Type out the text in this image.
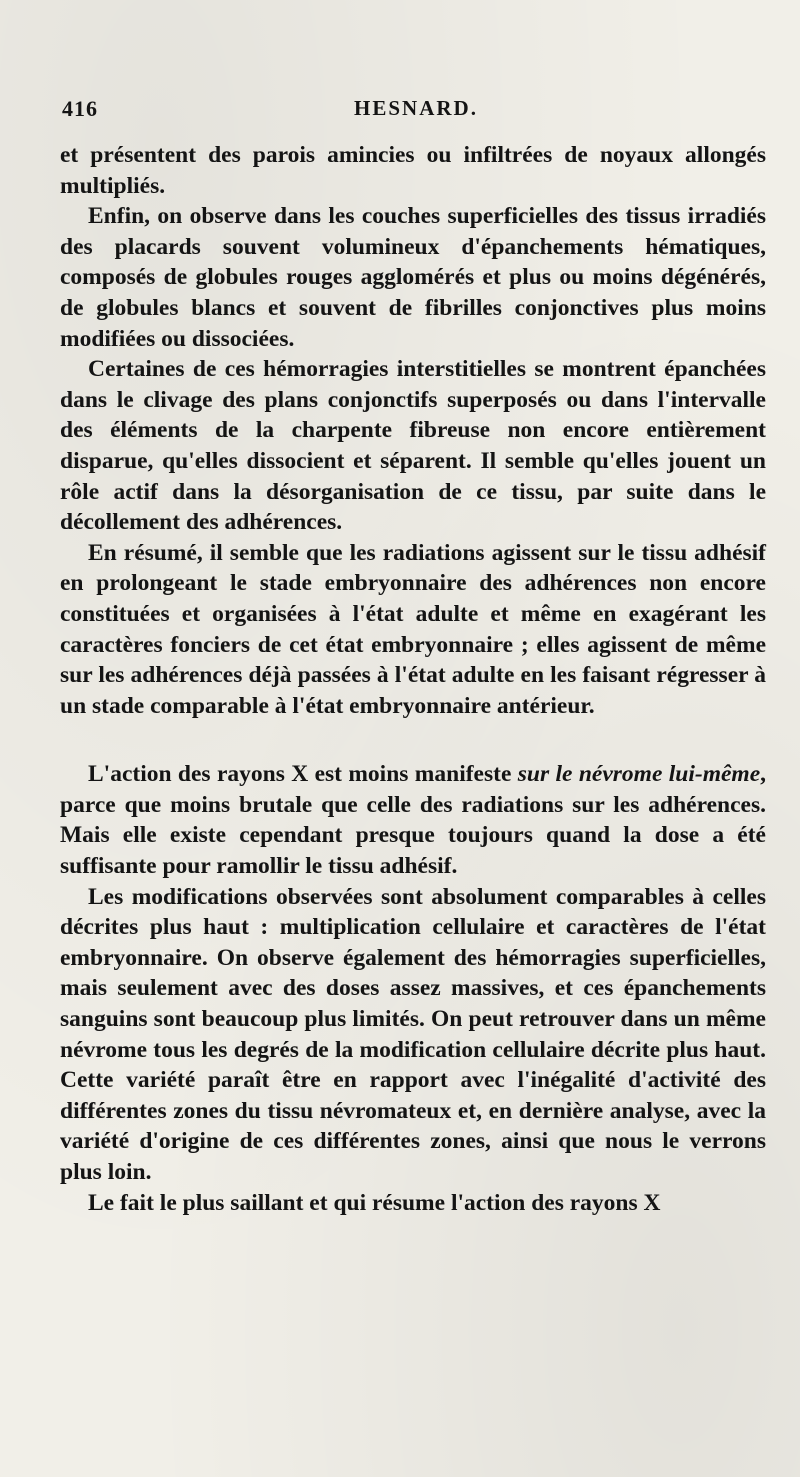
416	HESNARD.

et présentent des parois amincies ou infiltrées de noyaux allongés multipliés.

Enfin, on observe dans les couches superficielles des tissus irradiés des placards souvent volumineux d'épanchements hématiques, composés de globules rouges agglomérés et plus ou moins dégénérés, de globules blancs et souvent de fibrilles conjonctives plus moins modifiées ou dissociées.

Certaines de ces hémorragies interstitielles se montrent épanchées dans le clivage des plans conjonctifs superposés ou dans l'intervalle des éléments de la charpente fibreuse non encore entièrement disparue, qu'elles dissocient et séparent. Il semble qu'elles jouent un rôle actif dans la désorganisation de ce tissu, par suite dans le décollement des adhérences.

En résumé, il semble que les radiations agissent sur le tissu adhésif en prolongeant le stade embryonnaire des adhérences non encore constituées et organisées à l'état adulte et même en exagérant les caractères fonciers de cet état embryonnaire ; elles agissent de même sur les adhérences déjà passées à l'état adulte en les faisant régresser à un stade comparable à l'état embryonnaire antérieur.

L'action des rayons X est moins manifeste sur le névrome lui-même, parce que moins brutale que celle des radiations sur les adhérences. Mais elle existe cependant presque toujours quand la dose a été suffisante pour ramollir le tissu adhésif.

Les modifications observées sont absolument comparables à celles décrites plus haut : multiplication cellulaire et caractères de l'état embryonnaire. On observe également des hémorragies superficielles, mais seulement avec des doses assez massives, et ces épanchements sanguins sont beaucoup plus limités. On peut retrouver dans un même névrome tous les degrés de la modification cellulaire décrite plus haut. Cette variété paraît être en rapport avec l'inégalité d'activité des différentes zones du tissu névromateux et, en dernière analyse, avec la variété d'origine de ces différentes zones, ainsi que nous le verrons plus loin.

Le fait le plus saillant et qui résume l'action des rayons X
